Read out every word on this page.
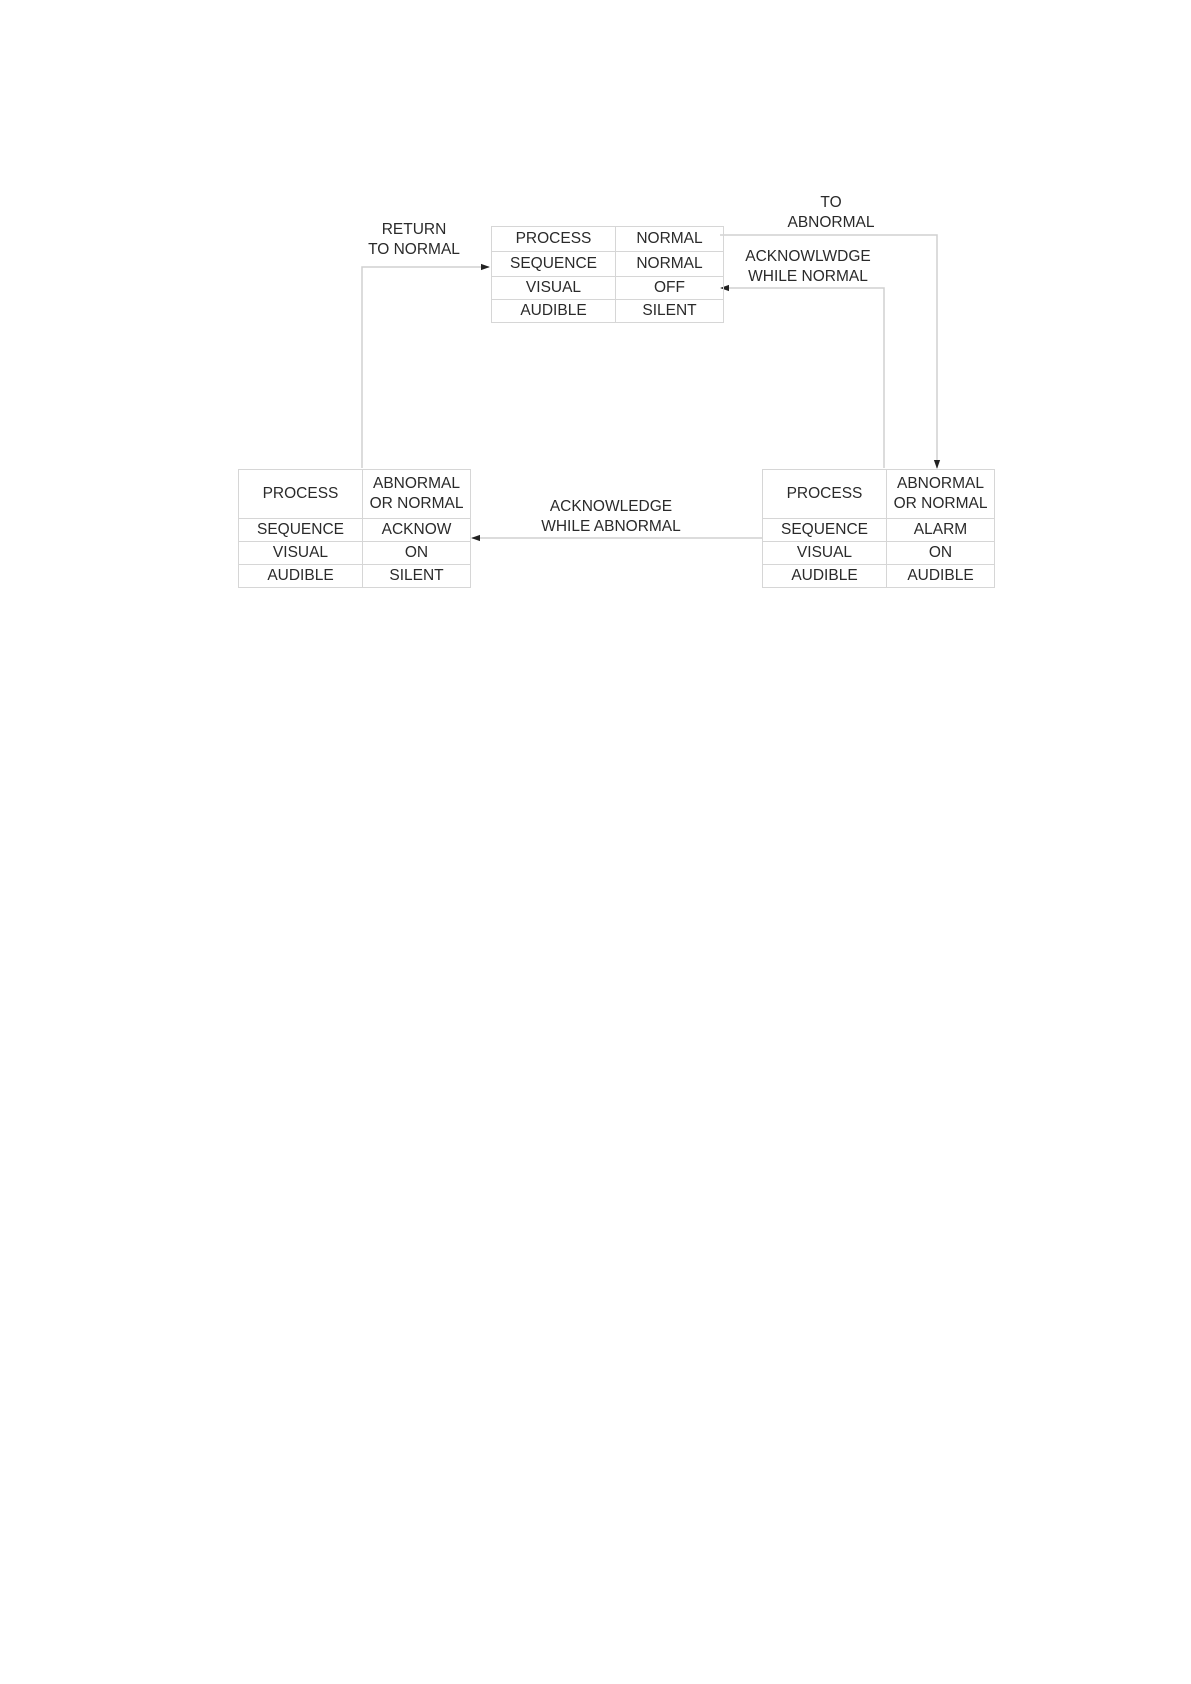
PROCESS	NORMAL
SEQUENCE	NORMAL
VISUAL	OFF
AUDIBLE	SILENT
PROCESS	ABNORMAL
OR NORMAL
SEQUENCE	ACKNOW
VISUAL	ON
AUDIBLE	SILENT
PROCESS	ABNORMAL
OR NORMAL
SEQUENCE	ALARM
VISUAL	ON
AUDIBLE	AUDIBLE
TO
ABNORMAL
ACKNOWLWDGE
WHILE NORMAL
RETURN
TO NORMAL
ACKNOWLEDGE
WHILE ABNORMAL
